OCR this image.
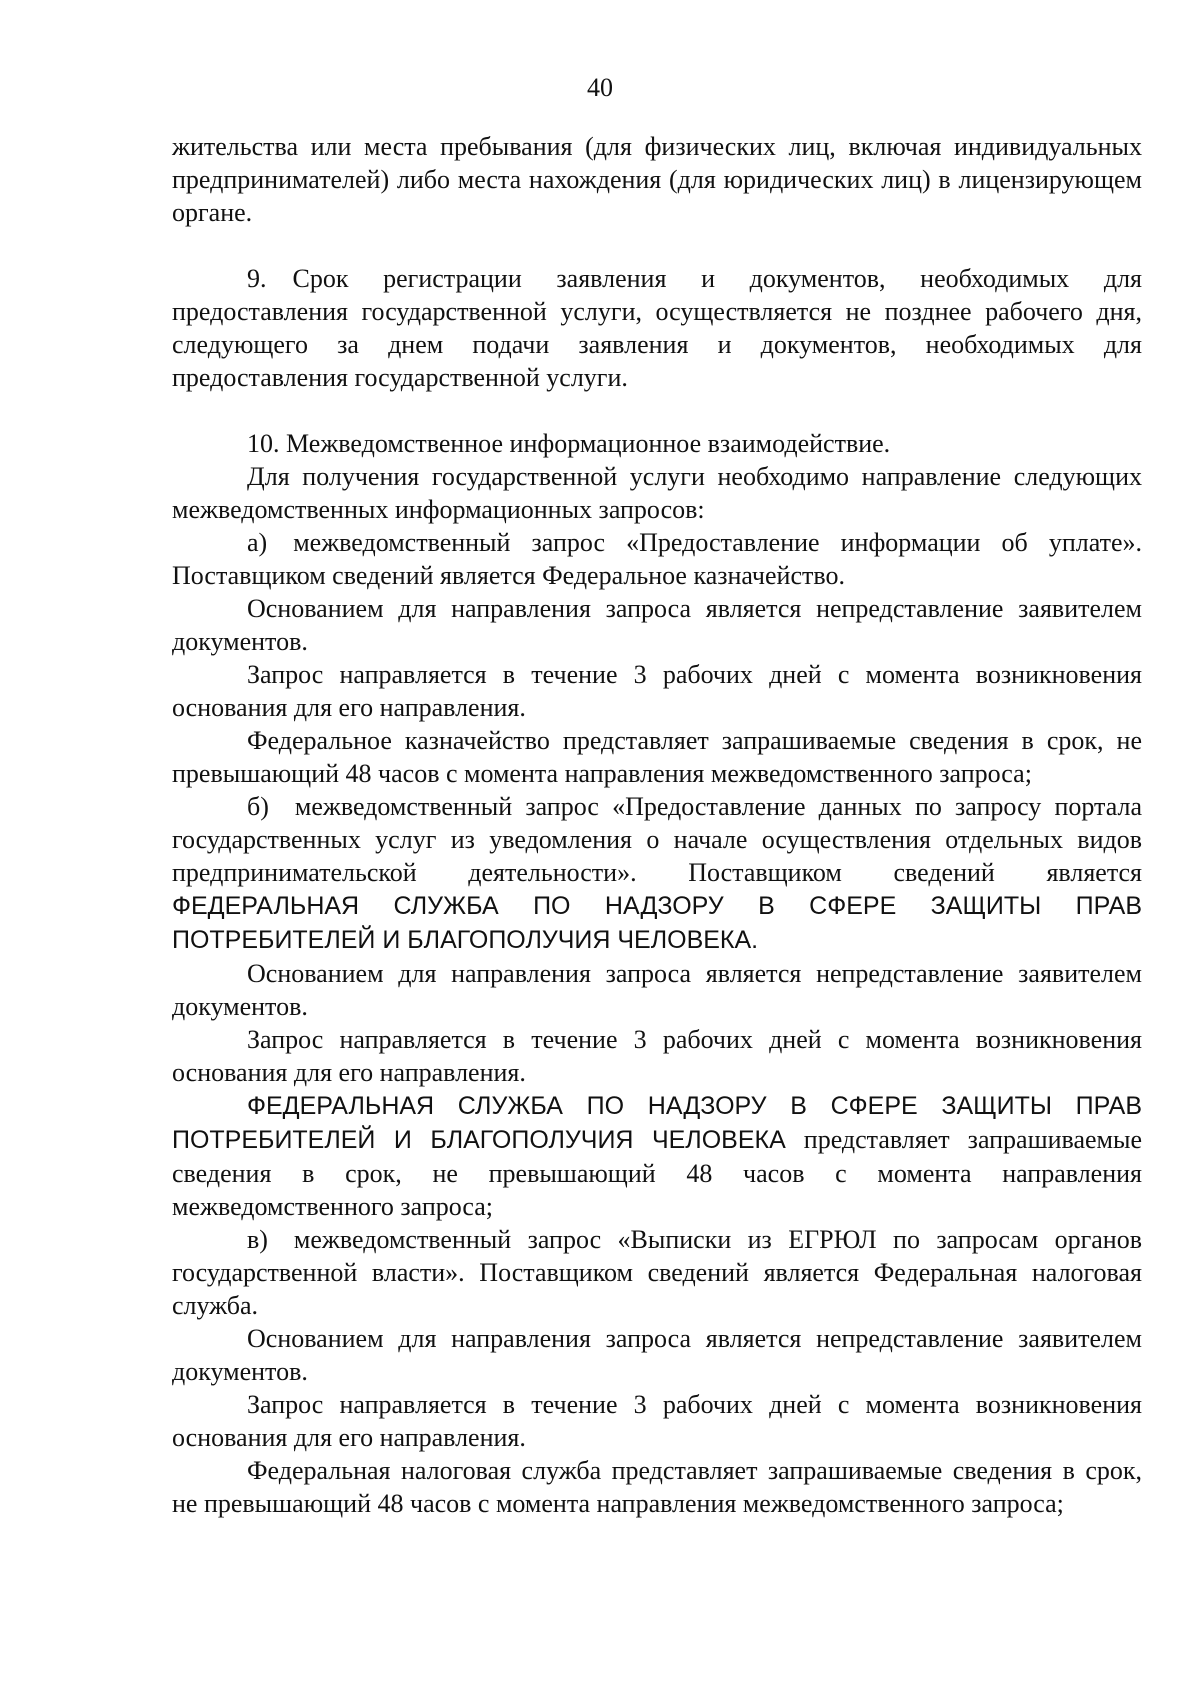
40

жительства или места пребывания (для физических лиц, включая индивидуальных предпринимателей) либо места нахождения (для юридических лиц) в лицензирующем органе.

9. Срок регистрации заявления и документов, необходимых для предоставления государственной услуги, осуществляется не позднее рабочего дня, следующего за днем подачи заявления и документов, необходимых для предоставления государственной услуги.

10. Межведомственное информационное взаимодействие.

Для получения государственной услуги необходимо направление следующих межведомственных информационных запросов:

а) межведомственный запрос «Предоставление информации об уплате». Поставщиком сведений является Федеральное казначейство.

Основанием для направления запроса является непредставление заявителем документов.

Запрос направляется в течение 3 рабочих дней с момента возникновения основания для его направления.

Федеральное казначейство представляет запрашиваемые сведения в срок, не превышающий 48 часов с момента направления межведомственного запроса;

б) межведомственный запрос «Предоставление данных по запросу портала государственных услуг из уведомления о начале осуществления отдельных видов предпринимательской деятельности». Поставщиком сведений является ФЕДЕРАЛЬНАЯ СЛУЖБА ПО НАДЗОРУ В СФЕРЕ ЗАЩИТЫ ПРАВ ПОТРЕБИТЕЛЕЙ И БЛАГОПОЛУЧИЯ ЧЕЛОВЕКА.

Основанием для направления запроса является непредставление заявителем документов.

Запрос направляется в течение 3 рабочих дней с момента возникновения основания для его направления.

ФЕДЕРАЛЬНАЯ СЛУЖБА ПО НАДЗОРУ В СФЕРЕ ЗАЩИТЫ ПРАВ ПОТРЕБИТЕЛЕЙ И БЛАГОПОЛУЧИЯ ЧЕЛОВЕКА представляет запрашиваемые сведения в срок, не превышающий 48 часов с момента направления межведомственного запроса;

в) межведомственный запрос «Выписки из ЕГРЮЛ по запросам органов государственной власти». Поставщиком сведений является Федеральная налоговая служба.

Основанием для направления запроса является непредставление заявителем документов.

Запрос направляется в течение 3 рабочих дней с момента возникновения основания для его направления.

Федеральная налоговая служба представляет запрашиваемые сведения в срок, не превышающий 48 часов с момента направления межведомственного запроса;
